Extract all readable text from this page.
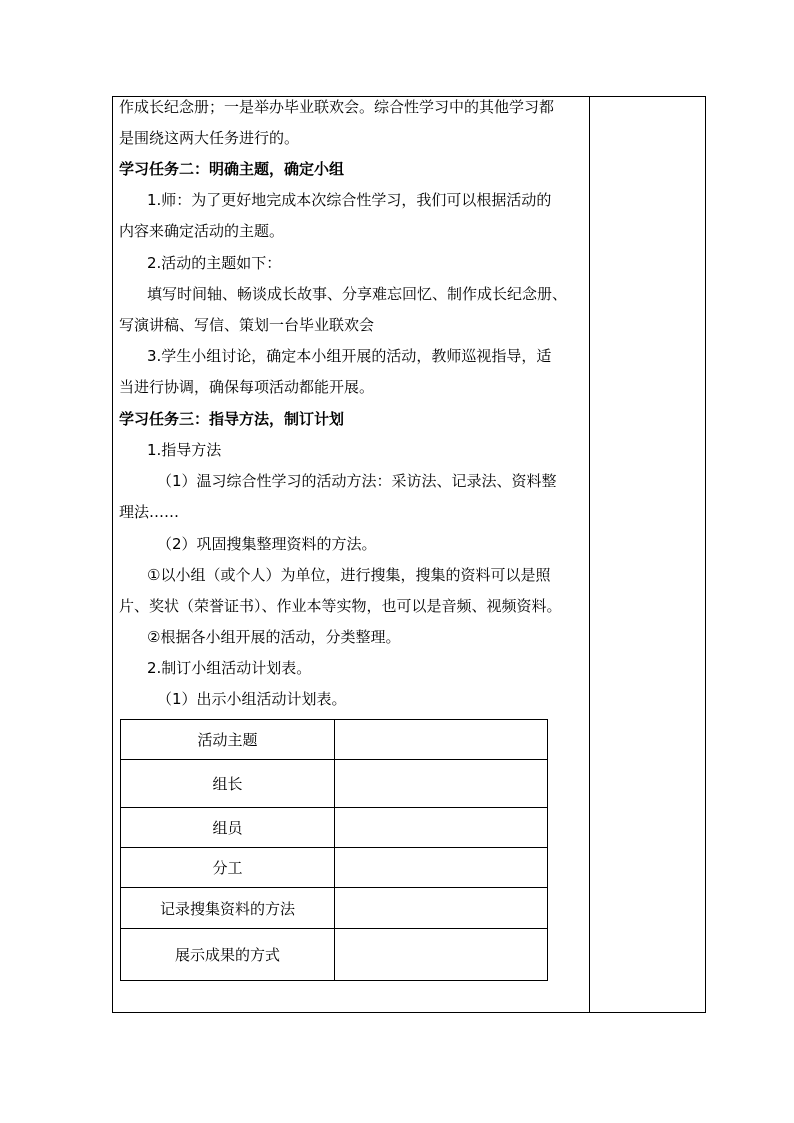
作成长纪念册；一是举办毕业联欢会。综合性学习中的其他学习都
是围绕这两大任务进行的。
学习任务二：明确主题，确定小组
1.师：为了更好地完成本次综合性学习，我们可以根据活动的
内容来确定活动的主题。
2.活动的主题如下：
填写时间轴、畅谈成长故事、分享难忘回忆、制作成长纪念册、
写演讲稿、写信、策划一台毕业联欢会
3.学生小组讨论，确定本小组开展的活动，教师巡视指导，适
当进行协调，确保每项活动都能开展。
学习任务三：指导方法，制订计划
1.指导方法
（1）温习综合性学习的活动方法：采访法、记录法、资料整
理法……
（2）巩固搜集整理资料的方法。
①以小组（或个人）为单位，进行搜集，搜集的资料可以是照
片、奖状（荣誉证书）、作业本等实物，也可以是音频、视频资料。
②根据各小组开展的活动，分类整理。
2.制订小组活动计划表。
（1）出示小组活动计划表。
活动主题	
组长	
组员	
分工	
记录搜集资料的方法	
展示成果的方式	
